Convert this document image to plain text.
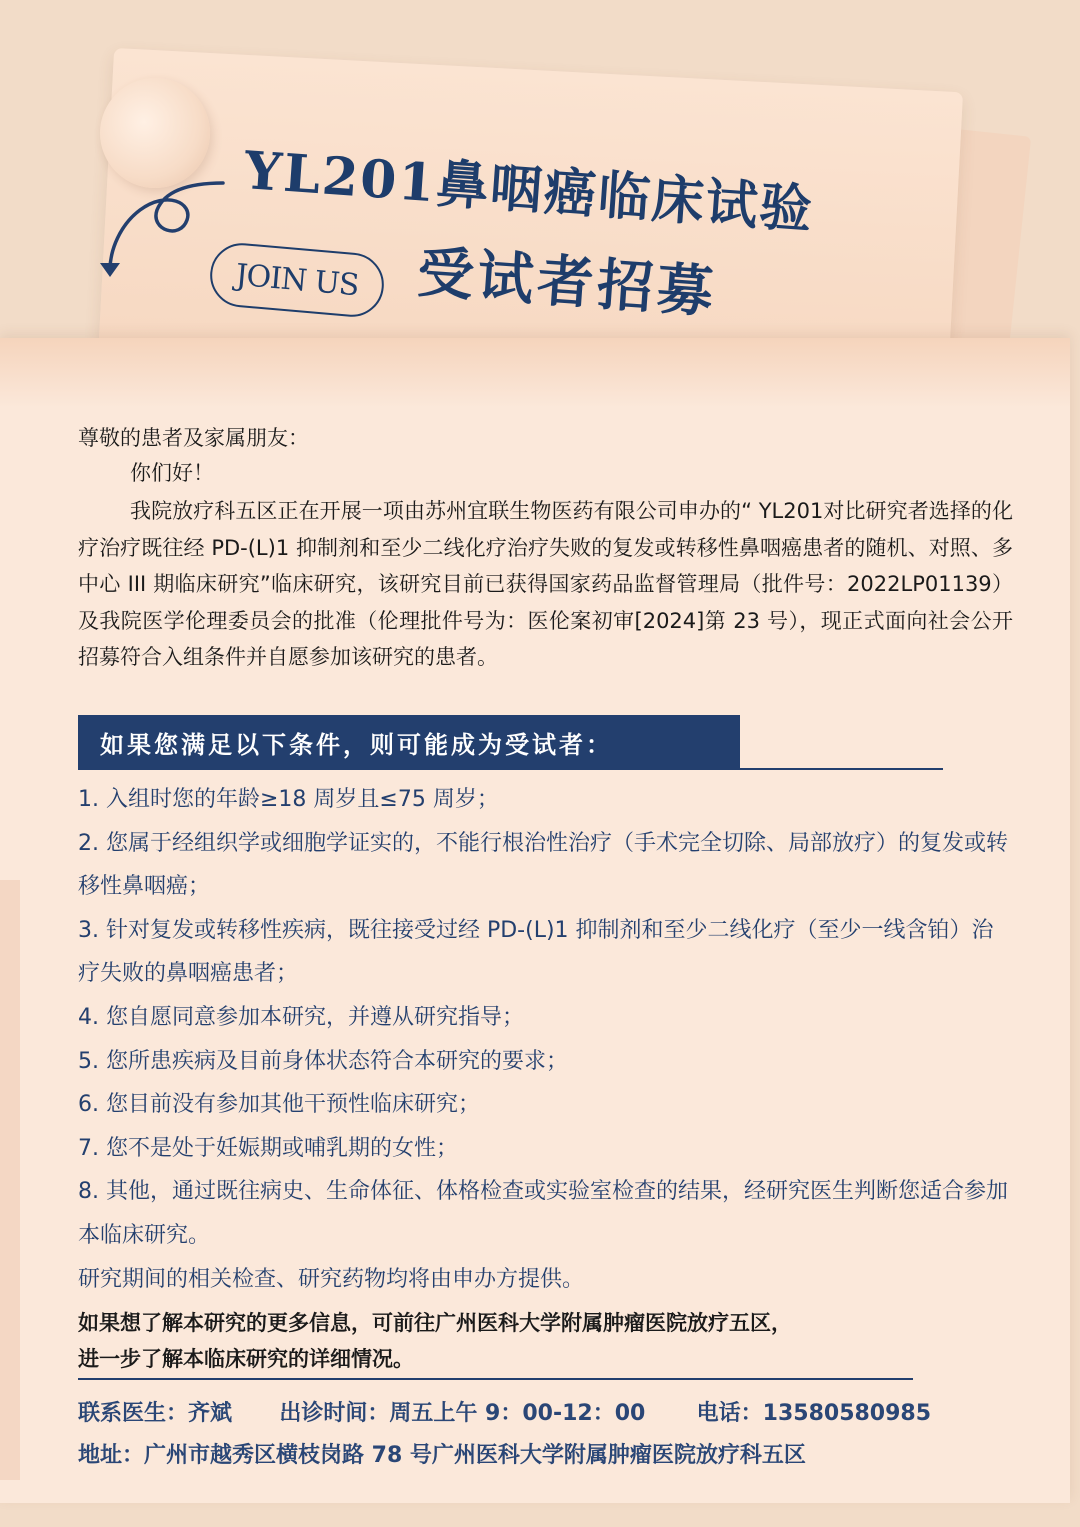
YL201鼻咽癌临床试验
JOIN US 受试者招募
尊敬的患者及家属朋友：
你们好！
我院放疗科五区正在开展一项由苏州宜联生物医药有限公司申办的“ YL201对比研究者选择的化疗治疗既往经 PD-(L)1 抑制剂和至少二线化疗治疗失败的复发或转移性鼻咽癌患者的随机、对照、多中心 III 期临床研究”临床研究，该研究目前已获得国家药品监督管理局（批件号：2022LP01139）及我院医学伦理委员会的批准（伦理批件号为：医伦案初审[2024]第 23 号），现正式面向社会公开招募符合入组条件并自愿参加该研究的患者。
如果您满足以下条件，则可能成为受试者：
1. 入组时您的年龄≥18 周岁且≤75 周岁；
2. 您属于经组织学或细胞学证实的，不能行根治性治疗（手术完全切除、局部放疗）的复发或转移性鼻咽癌；
3. 针对复发或转移性疾病，既往接受过经 PD-(L)1 抑制剂和至少二线化疗（至少一线含铂）治疗失败的鼻咽癌患者；
4. 您自愿同意参加本研究，并遵从研究指导；
5. 您所患疾病及目前身体状态符合本研究的要求；
6. 您目前没有参加其他干预性临床研究；
7. 您不是处于妊娠期或哺乳期的女性；
8. 其他，通过既往病史、生命体征、体格检查或实验室检查的结果，经研究医生判断您适合参加本临床研究。
研究期间的相关检查、研究药物均将由申办方提供。
如果想了解本研究的更多信息，可前往广州医科大学附属肿瘤医院放疗五区，
进一步了解本临床研究的详细情况。
联系医生：齐斌 出诊时间：周五上午 9：00-12：00 电话：13580580985
地址：广州市越秀区横枝岗路 78 号广州医科大学附属肿瘤医院放疗科五区
